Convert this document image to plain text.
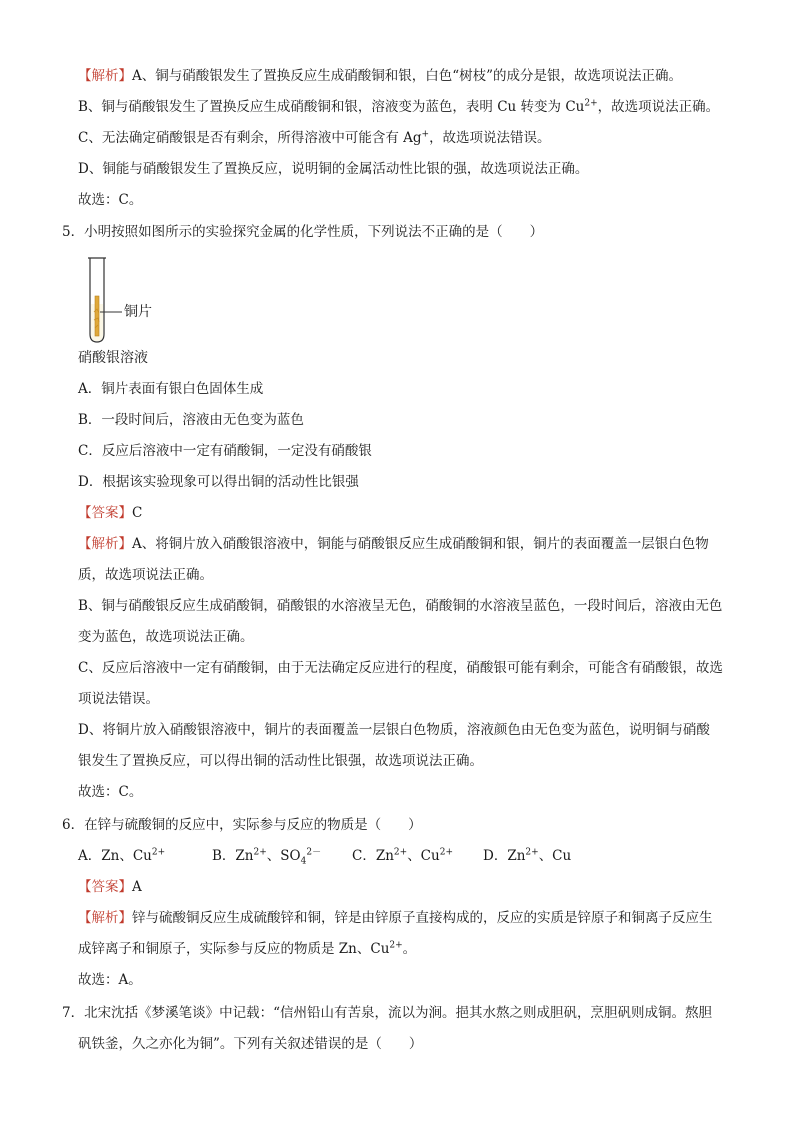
【解析】A、铜与硝酸银发生了置换反应生成硝酸铜和银，白色“树枝”的成分是银，故选项说法正确。
B、铜与硝酸银发生了置换反应生成硝酸铜和银，溶液变为蓝色，表明 Cu 转变为 $Cu^{2+}$，故选项说法正确。
C、无法确定硝酸银是否有剩余，所得溶液中可能含有 Ag+，故选项说法错误。
D、铜能与硝酸银发生了置换反应，说明铜的金属活动性比银的强，故选项说法正确。
故选：C。
5．小明按照如图所示的实验探究金属的化学性质，下列说法不正确的是（　　）
铜片
硝酸银溶液
A．铜片表面有银白色固体生成
B．一段时间后，溶液由无色变为蓝色
C．反应后溶液中一定有硝酸铜，一定没有硝酸银
D．根据该实验现象可以得出铜的活动性比银强
【答案】C
【解析】A、将铜片放入硝酸银溶液中，铜能与硝酸银反应生成硝酸铜和银，铜片的表面覆盖一层银白色物
质，故选项说法正确。
B、铜与硝酸银反应生成硝酸铜，硝酸银的水溶液呈无色，硝酸铜的水溶液呈蓝色，一段时间后，溶液由无色
变为蓝色，故选项说法正确。
C、反应后溶液中一定有硝酸铜，由于无法确定反应进行的程度，硝酸银可能有剩余，可能含有硝酸银，故选
项说法错误。
D、将铜片放入硝酸银溶液中，铜片的表面覆盖一层银白色物质，溶液颜色由无色变为蓝色，说明铜与硝酸
银发生了置换反应，可以得出铜的活动性比银强，故选项说法正确。
故选：C。
6．在锌与硫酸铜的反应中，实际参与反应的物质是（　　）
A．Zn、$Cu^{2+}$	B．$Zn^{2+}$、$SO_4^{2-}$ C．$Zn^{2+}$、$Cu^{2+}$ D．$Zn^{2+}$、Cu
【答案】A
【解析】锌与硫酸铜反应生成硫酸锌和铜，锌是由锌原子直接构成的，反应的实质是锌原子和铜离子反应生
成锌离子和铜原子，实际参与反应的物质是 Zn、$Cu^{2+}$。
故选：A。
7．北宋沈括《梦溪笔谈》中记载：“信州铅山有苦泉，流以为涧。挹其水熬之则成胆矾，烹胆矾则成铜。熬胆
矾铁釜，久之亦化为铜”。下列有关叙述错误的是（　　）
